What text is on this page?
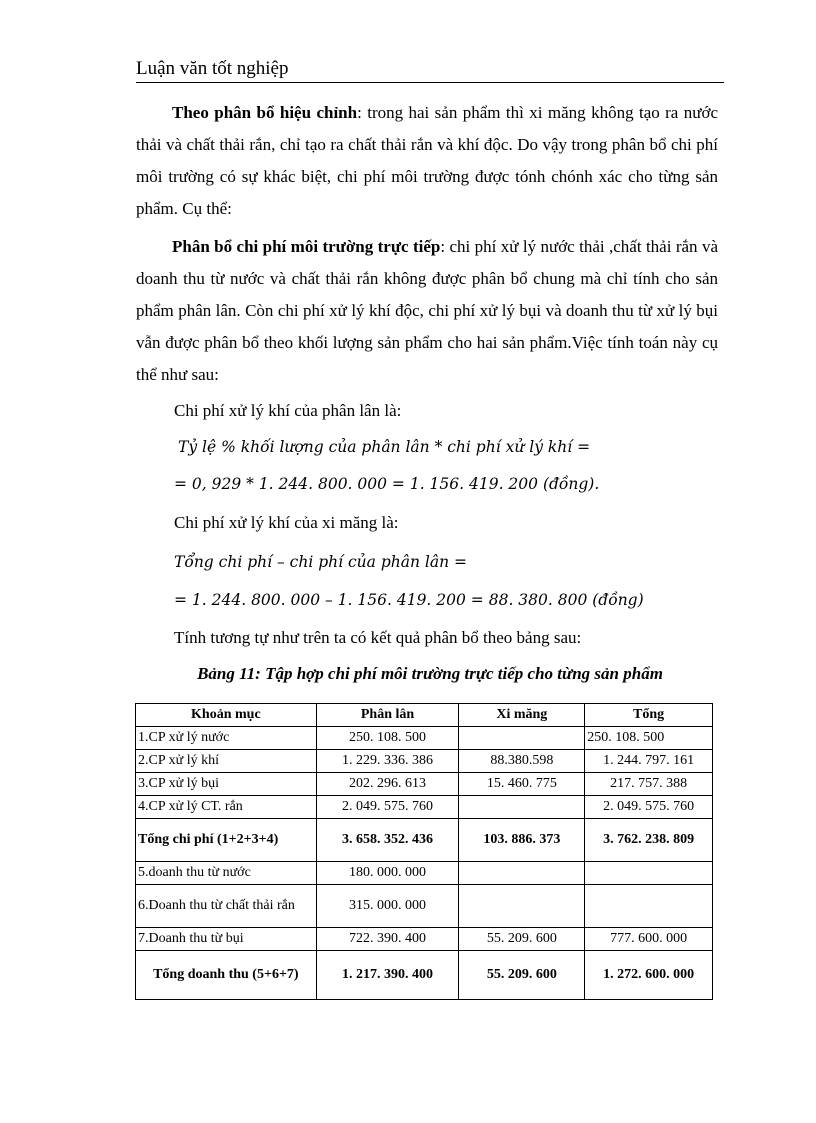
Luận văn tốt nghiệp
Theo phân bổ hiệu chỉnh: trong hai sản phẩm thì xi măng không tạo ra nước thải và chất thải rắn, chỉ tạo ra chất thải rắn và khí độc. Do vậy trong phân bổ chi phí môi trường có sự khác biệt, chi phí môi trường được tónh chónh xác cho từng sản phẩm. Cụ thể:
Phân bổ chi phí môi trường trực tiếp: chi phí xử lý nước thải ,chất thải rắn và doanh thu từ nước và chất thải rắn không được phân bổ chung mà chỉ tính cho sản phẩm phân lân. Còn chi phí xử lý khí độc, chi phí xử lý bụi và doanh thu từ xử lý bụi vẫn được phân bổ theo khối lượng sản phẩm cho hai sản phẩm.Việc tính toán này cụ thể như sau:
Chi phí xử lý khí của phân lân là:
Tỷ lệ % khối lượng của phân lân * chi phí xử lý khí =
= 0, 929 * 1. 244. 800. 000 = 1. 156. 419. 200 (đồng).
Chi phí xử lý khí của xi măng là:
Tổng chi phí – chi phí của phân lân =
= 1. 244. 800. 000 – 1. 156. 419. 200 = 88. 380. 800 (đồng)
Tính tương tự như trên ta có kết quả phân bổ theo bảng sau:
Bảng 11: Tập hợp chi phí môi trường trực tiếp cho từng sản phẩm
Khoản mục	Phân lân	Xi măng	Tổng
1.CP xử lý nước	250. 108. 500		250. 108. 500
2.CP xử lý khí	1. 229. 336. 386	88.380.598	1. 244. 797. 161
3.CP xử lý bụi	202. 296. 613	15. 460. 775	217. 757. 388
4.CP xử lý CT. rắn	2. 049. 575. 760		2. 049. 575. 760
Tổng chi phí (1+2+3+4)	3. 658. 352. 436	103. 886. 373	3. 762. 238. 809
5.doanh thu từ nước	180. 000. 000		
6.Doanh thu từ chất thải rắn	315. 000. 000		
7.Doanh thu từ bụi	722. 390. 400	55. 209. 600	777. 600. 000
Tổng doanh thu (5+6+7)	1. 217. 390. 400	55. 209. 600	1. 272. 600. 000
